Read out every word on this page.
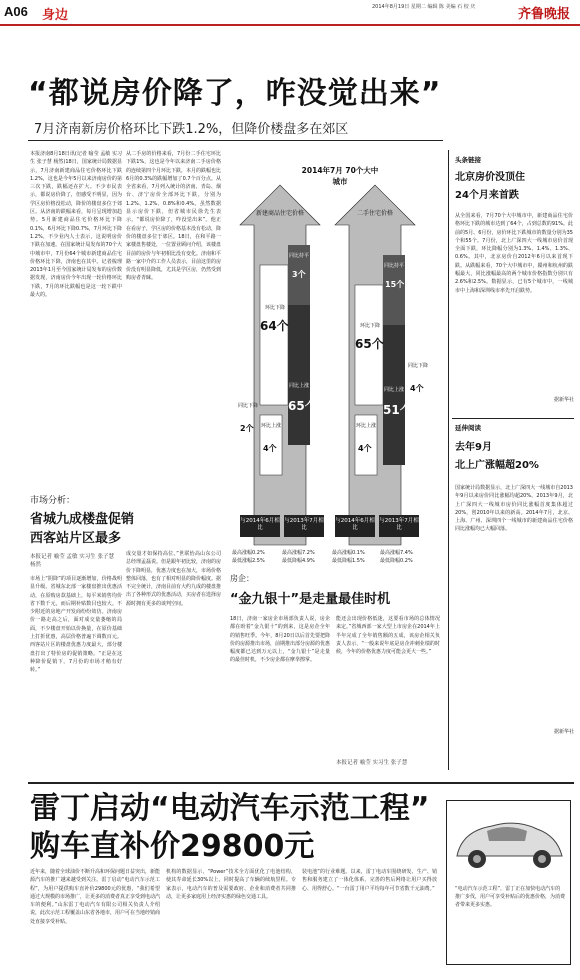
A06 身边
2014年8月19日 星期二 编辑 陈 美编 石 校 庆	齐鲁晚报
“都说房价降了，咋没觉出来”
7月济南新房价格环比下跌1.2%，但降价楼盘多在郊区
本报济南8月18日讯(记者 喻莹 孟敏 实习生 张子慧 杨然)18日，国家统计局数据显示，7月济南新建商品住宅价格环比下跌1.2%，这也是今年5月以来济南房价的第三次下跌，跌幅还在扩大。不少市民表示，都说房价降了，但感受不明显，因为学区房价格没松动，降价的楼盘多位于郊区。从济南的跌幅来看，每月呈现增加趋势。5月新建商品住宅价格环比下降0.1%，6月环比下降0.7%，7月环比下降1.2%，不少业内人士表示，这说明房价下跌在加速。在国家统计局发布的70个大中城市中，7月份64个城市新建商品住宅价格环比下降，济南也在其中。记者梳理2013年1月至今国家统计局发布的房价数据发现，济南房价今年出现一轮价格环比下跌，7月的环比跌幅也是这一轮下跌中最大的。
从二手房的价格来看，7月份二手住宅环比下跌1%，这也是今年以来济南二手房价格的连续第四个月环比下跌，本月的跌幅也比6月的0.3%的跌幅增加了0.7个百分点。从全省来看，7月列入统计的济南、青岛、烟台、济宁房价全部环比下跌，分别为1.2%、1.2%、0.8%和0.4%。虽然数据显示房价下跌，但省城市民徐先生表示，“都说房价降了，咋没觉出来”。他正在看房子，学区房的价格基本没有松动，降价的楼盘多位于郊区。18日，在和平路一家楼盘售楼处，一位置业顾问介绍，该楼盘目前的房价与年初相比没有变化。济南和平路一家中介的工作人员表示，目前这里的房价没有明显降低，尤其是学区房，仍然受到购房者青睐。
2014年7月 70个大中城市
新建商品住宅价格	二手住宅价格
环比下降
64个
同比持平
3个
同比上涨
65个
环比上涨
4个
同比下降
2个
与2014年6月相比
与2013年7月相比
环比下降
65个
同比持平
15个
同比上涨
51个
环比上涨
4个
同比下降
4个
与2014年6月相比
与2013年7月相比
最高涨幅0.2%
最低涨幅2.5%
最高涨幅7.2%
最低降幅4.9%
最高涨幅0.1%
最低降幅1.5%
最高涨幅7.4%
最低降幅0.2%
头条链接
北京房价没顶住
24个月来首跌
从全国来看，7月70个大中城市中，新建商品住宅价格环比下跌的城市达到了64个，占到总数的91%。此前的5月、6月份，房价环比下跌城市的数量分别为35个和55个。7月份，北上广深四大一线城市房价首现全面下跌，环比降幅分别为1.3%、1.4%、1.3%、0.6%。其中，北京房价自2012年6月以来首现下跌。从跌幅来看，70个大中城市中，赣州和杭州的跌幅最大，同比涨幅最高的两个城市价格指数分别只有2.6%和2.5%。数据显示，已有5个城市中，一线城市中上海和深圳线市率先开启跌势。
据新华社
延伸阅读
去年9月
北上广涨幅超20%
国家统计局数据显示，北上广深四大一线城市自2013年9月以来房价同比涨幅均超20%。2013年9月，北上广深四大一线城市房价同比涨幅首度集体超过20%，创2010年以来的新高。2014年7月，北京、上海、广州、深圳四个一线城市的新建商品住宅价格同比涨幅均已大幅回落。
据新华社
市场分析：
省城九成楼盘促销
西客站片区最多
本报记者 喻莹 孟敏 实习生 张子慧 杨然
市场上“阴降”的项目逐渐增加，价格战明显升级。省城东北部一家楼盘推出优惠活动，在原购房款基础上，每平米销售均价省下数千元，而后期补贴数目也较大。不少附近的房地产开发商纷纷效仿。济南房价一路走高之后，面对成交量萎缩的局面，不少楼盘开始以价换量，在原价基础上打折优惠，高层价格普遍下调数百元。西客站片区的楼盘优惠力度最大，部分楼盘打出了特价房的促销策略。“正是在这种降价促销下，7月份的市场才稍有好转。”
成交量才如保持高位。”世联怡高山东公司总经理孟磊说。但是跟年初比较，济南的房价下降明显，优惠力度也在加大，市场价格整体回落，也有了相对明显的降价幅度。据不完全统计，济南目前有大约九成的楼盘推出了各种形式的优惠活动，买房者在选择房源时拥有更多的谈判空间。
房企：
“金九银十”是走量最佳时机
18日，济南一家房企市场部负责人说，房企都在盼着“金九银十”的到来，这是房企全年的销售旺季。今年，8月20日以后首先要把降价的房源推出市场，前期推出部分房源的优惠幅度都已达到万元以上，“金九银十”是走量的最佳时机，不少房企都在摩拳擦掌。
能还会出现价格低迷，这要看市场的总体情况来定。”省城西部一家大型上市房企在2014年上半年完成了全年销售额的五成，该房企相关负责人表示，“一般来说年底是房企冲刺业绩的时候，今年的价格优惠力度可能会更大一些。”
本报记者 喻莹 实习生 张子慧
雷丁启动“电动汽车示范工程”
购车直补价29800元
近年来，随着全球油价不断升高和环保问题日益突出，新能源汽车的推广越来越受到关注。雷丁启动“电动汽车示范工程”，为用户提供购车直补价29800元的优惠，“我们希望通过大规模的市场推广，让更多的消费者真正享受到电动汽车的便利。”山东雷丁电动汽车有限公司相关负责人介绍说，此次示范工程覆盖山东省各地市，用户可在当地经销商处直接享受补贴。
机构的数据显示，“Power”技术全方面优化了电池结构，使其寿命延长30%以上，同时提高了车辆的续航里程。专家表示，电动汽车的普及需要政府、企业和消费者共同推动，让更多家庭用上经济实惠的绿色交通工具。
装电池”的行业难题。以来，雷丁电动车围绕研发、生产、销售和服务建立了一体化体系，完善的售后网络让用户买得放心、用得舒心。“一台雷丁用户平均每年可节省数千元油费。”	“电动汽车示范工程”，雷丁正在加快电动汽车的推广步伐，用户可享受补贴后的优惠价格，为消费者带来更多实惠。
